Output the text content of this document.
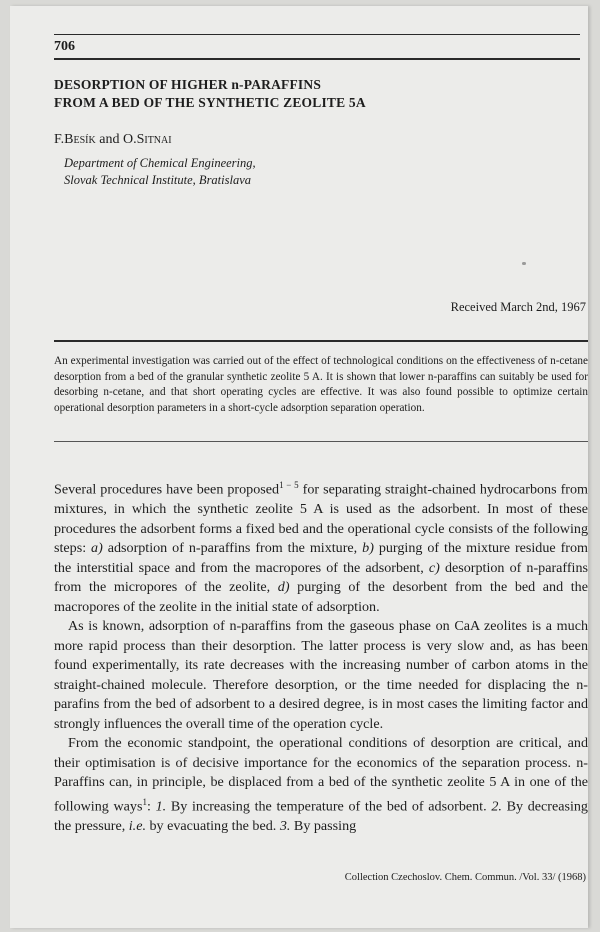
706
DESORPTION OF HIGHER n-PARAFFINS
FROM A BED OF THE SYNTHETIC ZEOLITE 5A
F.Besík and O.Sitnai
Department of Chemical Engineering,
Slovak Technical Institute, Bratislava
Received March 2nd, 1967
An experimental investigation was carried out of the effect of technological conditions on the effectiveness of n-cetane desorption from a bed of the granular synthetic zeolite 5 A. It is shown that lower n-paraffins can suitably be used for desorbing n-cetane, and that short operating cycles are effective. It was also found possible to optimize certain operational desorption parameters in a short-cycle adsorption separation operation.

Several procedures have been proposed$^{1 - 5}$ for separating straight-chained hydrocarbons from mixtures, in which the synthetic zeolite 5 A is used as the adsorbent. In most of these procedures the adsorbent forms a fixed bed and the operational cycle consists of the following steps: a) adsorption of n-paraffins from the mixture, b) purging of the mixture residue from the interstitial space and from the macropores of the adsorbent, c) desorption of n-paraffins from the micropores of the zeolite, d) purging of the desorbent from the bed and the macropores of the zeolite in the initial state of adsorption.

As is known, adsorption of n-paraffins from the gaseous phase on CaA zeolites is a much more rapid process than their desorption. The latter process is very slow and, as has been found experimentally, its rate decreases with the increasing number of carbon atoms in the straight-chained molecule. Therefore desorption, or the time needed for displacing the n-parafins from the bed of adsorbent to a desired degree, is in most cases the limiting factor and strongly influences the overall time of the operation cycle.

From the economic standpoint, the operational conditions of desorption are critical, and their optimisation is of decisive importance for the economics of the separation process. n-Paraffins can, in principle, be displaced from a bed of the synthetic zeolite 5 A in one of the following ways$^1$: 1. By increasing the temperature of the bed of adsorbent. 2. By decreasing the pressure, i.e. by evacuating the bed. 3. By passing

Collection Czechoslov. Chem. Commun. /Vol. 33/ (1968)
